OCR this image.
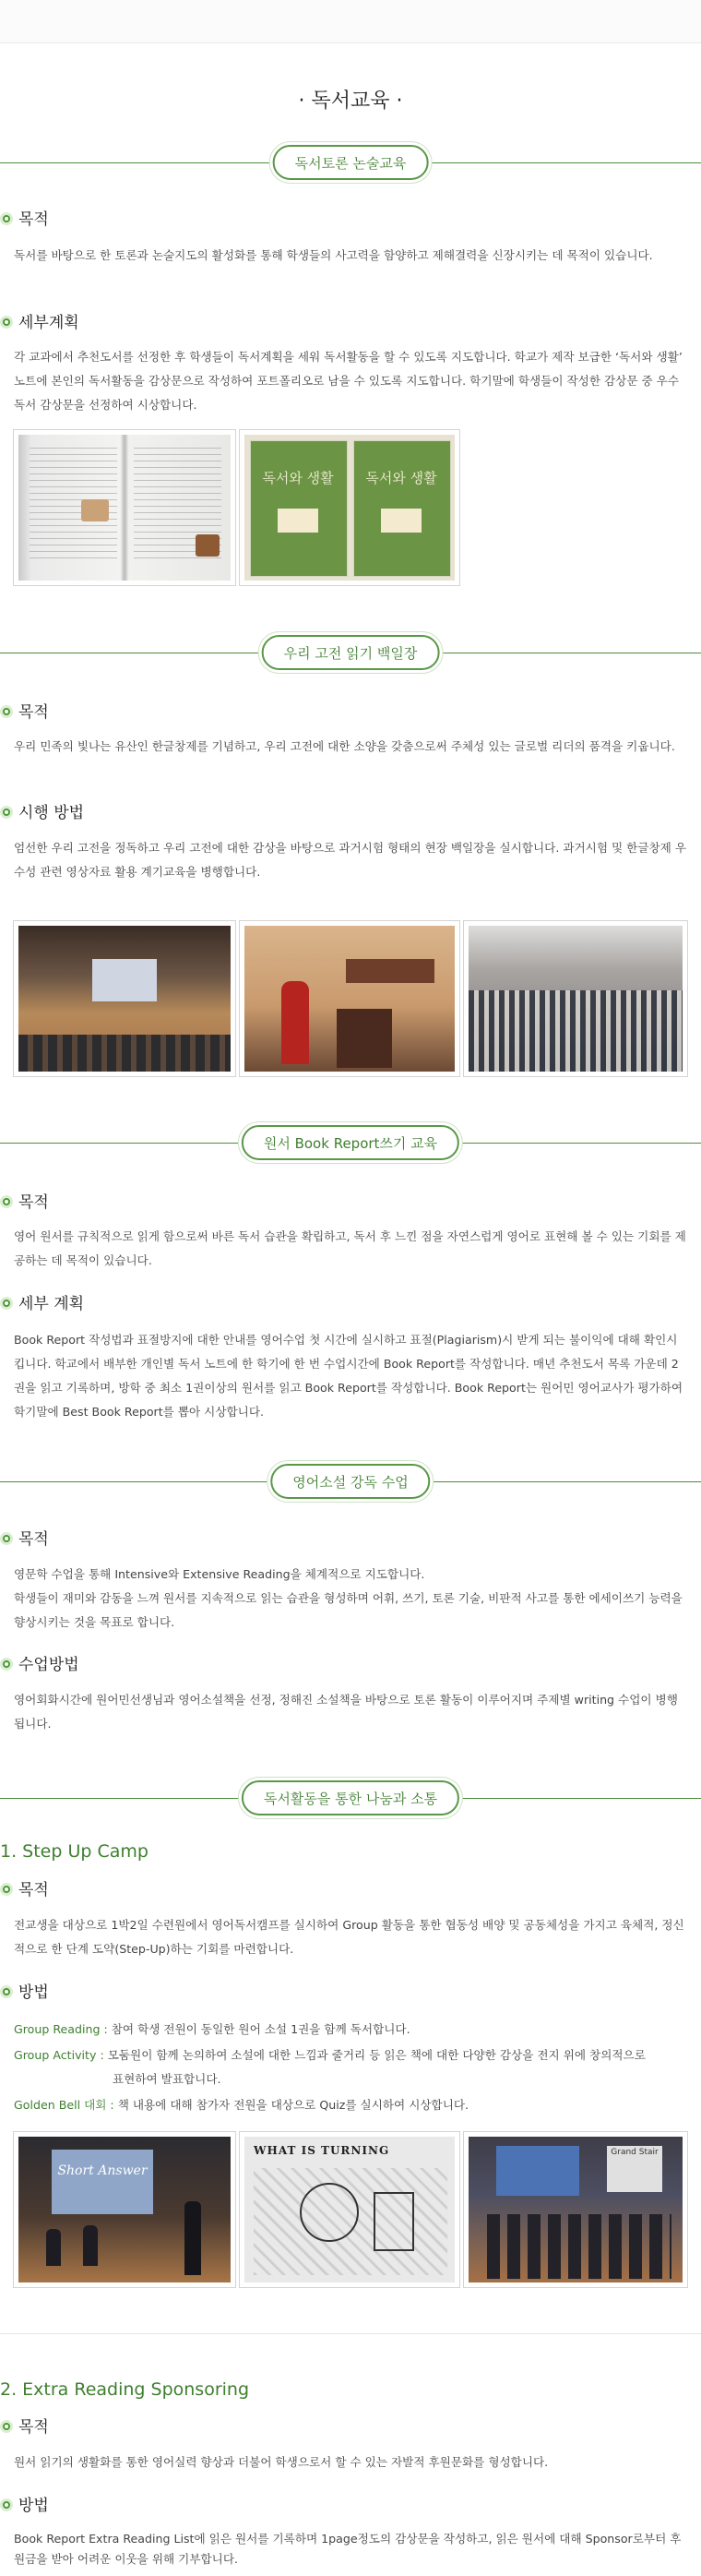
· 독서교육 ·
독서토론 논술교육
목적
독서를 바탕으로 한 토론과 논술지도의 활성화를 통해 학생들의 사고력을 함양하고 제해결력을 신장시키는 데 목적이 있습니다.
세부계획
각 교과에서 추천도서를 선정한 후 학생들이 독서계획을 세워 독서활동을 할 수 있도록 지도합니다. 학교가 제작 보급한 ‘독서와 생활’ 노트에 본인의 독서활동을 감상문으로 작성하여 포트폴리오로 남을 수 있도록 지도합니다. 학기말에 학생들이 작성한 감상문 중 우수 독서 감상문을 선정하여 시상합니다.
독서와 생활	독서와 생활
우리 고전 읽기 백일장
목적
우리 민족의 빛나는 유산인 한글창제를 기념하고, 우리 고전에 대한 소양을 갖춤으로써 주체성 있는 글로벌 리더의 품격을 키웁니다.
시행 방법
엄선한 우리 고전을 정독하고 우리 고전에 대한 감상을 바탕으로 과거시험 형태의 현장 백일장을 실시합니다. 과거시험 및 한글창제 우수성 관련 영상자료 활용 계기교육을 병행합니다.
원서 Book Report쓰기 교육
목적
영어 원서를 규칙적으로 읽게 함으로써 바른 독서 습관을 확립하고, 독서 후 느낀 점을 자연스럽게 영어로 표현해 볼 수 있는 기회를 제공하는 데 목적이 있습니다.
세부 계획
Book Report 작성법과 표절방지에 대한 안내를 영어수업 첫 시간에 실시하고 표절(Plagiarism)시 받게 되는 불이익에 대해 확인시킵니다. 학교에서 배부한 개인별 독서 노트에 한 학기에 한 번 수업시간에 Book Report를 작성합니다. 매년 추천도서 목록 가운데 2권을 읽고 기록하며, 방학 중 최소 1권이상의 원서를 읽고 Book Report를 작성합니다. Book Report는 원어민 영어교사가 평가하여 학기말에 Best Book Report를 뽑아 시상합니다.
영어소설 강독 수업
목적
영문학 수업을 통해 Intensive와 Extensive Reading을 체계적으로 지도합니다.
학생들이 재미와 감동을 느껴 원서를 지속적으로 읽는 습관을 형성하며 어휘, 쓰기, 토론 기술, 비판적 사고를 통한 에세이쓰기 능력을 향상시키는 것을 목표로 합니다.
수업방법
영어회화시간에 원어민선생님과 영어소설책을 선정, 정해진 소설책을 바탕으로 토론 활동이 이루어지며 주제별 writing 수업이 병행됩니다.
독서활동을 통한 나눔과 소통
1. Step Up Camp
목적
전교생을 대상으로 1박2일 수련원에서 영어독서캠프를 실시하여 Group 활동을 통한 협동성 배양 및 공동체성을 가지고 육체적, 정신적으로 한 단계 도약(Step-Up)하는 기회를 마련합니다.
방법
Group Reading : 참여 학생 전원이 동일한 원어 소설 1권을 함께 독서합니다.
Group Activity : 모둠원이 함께 논의하여 소설에 대한 느낌과 줄거리 등 읽은 책에 대한 다양한 감상을 전지 위에 창의적으로
표현하여 발표합니다.
Golden Bell 대회 : 책 내용에 대해 참가자 전원을 대상으로 Quiz를 실시하여 시상합니다.
Short Answer
WHAT IS TURNING	Grand Stair
2. Extra Reading Sponsoring
목적
원서 읽기의 생활화를 통한 영어실력 향상과 더불어 학생으로서 할 수 있는 자발적 후원문화를 형성합니다.
방법
Book Report Extra Reading List에 읽은 원서를 기록하며 1page정도의 감상문을 작성하고, 읽은 원서에 대해 Sponsor로부터 후원금을 받아 어려운 이웃을 위해 기부합니다.
